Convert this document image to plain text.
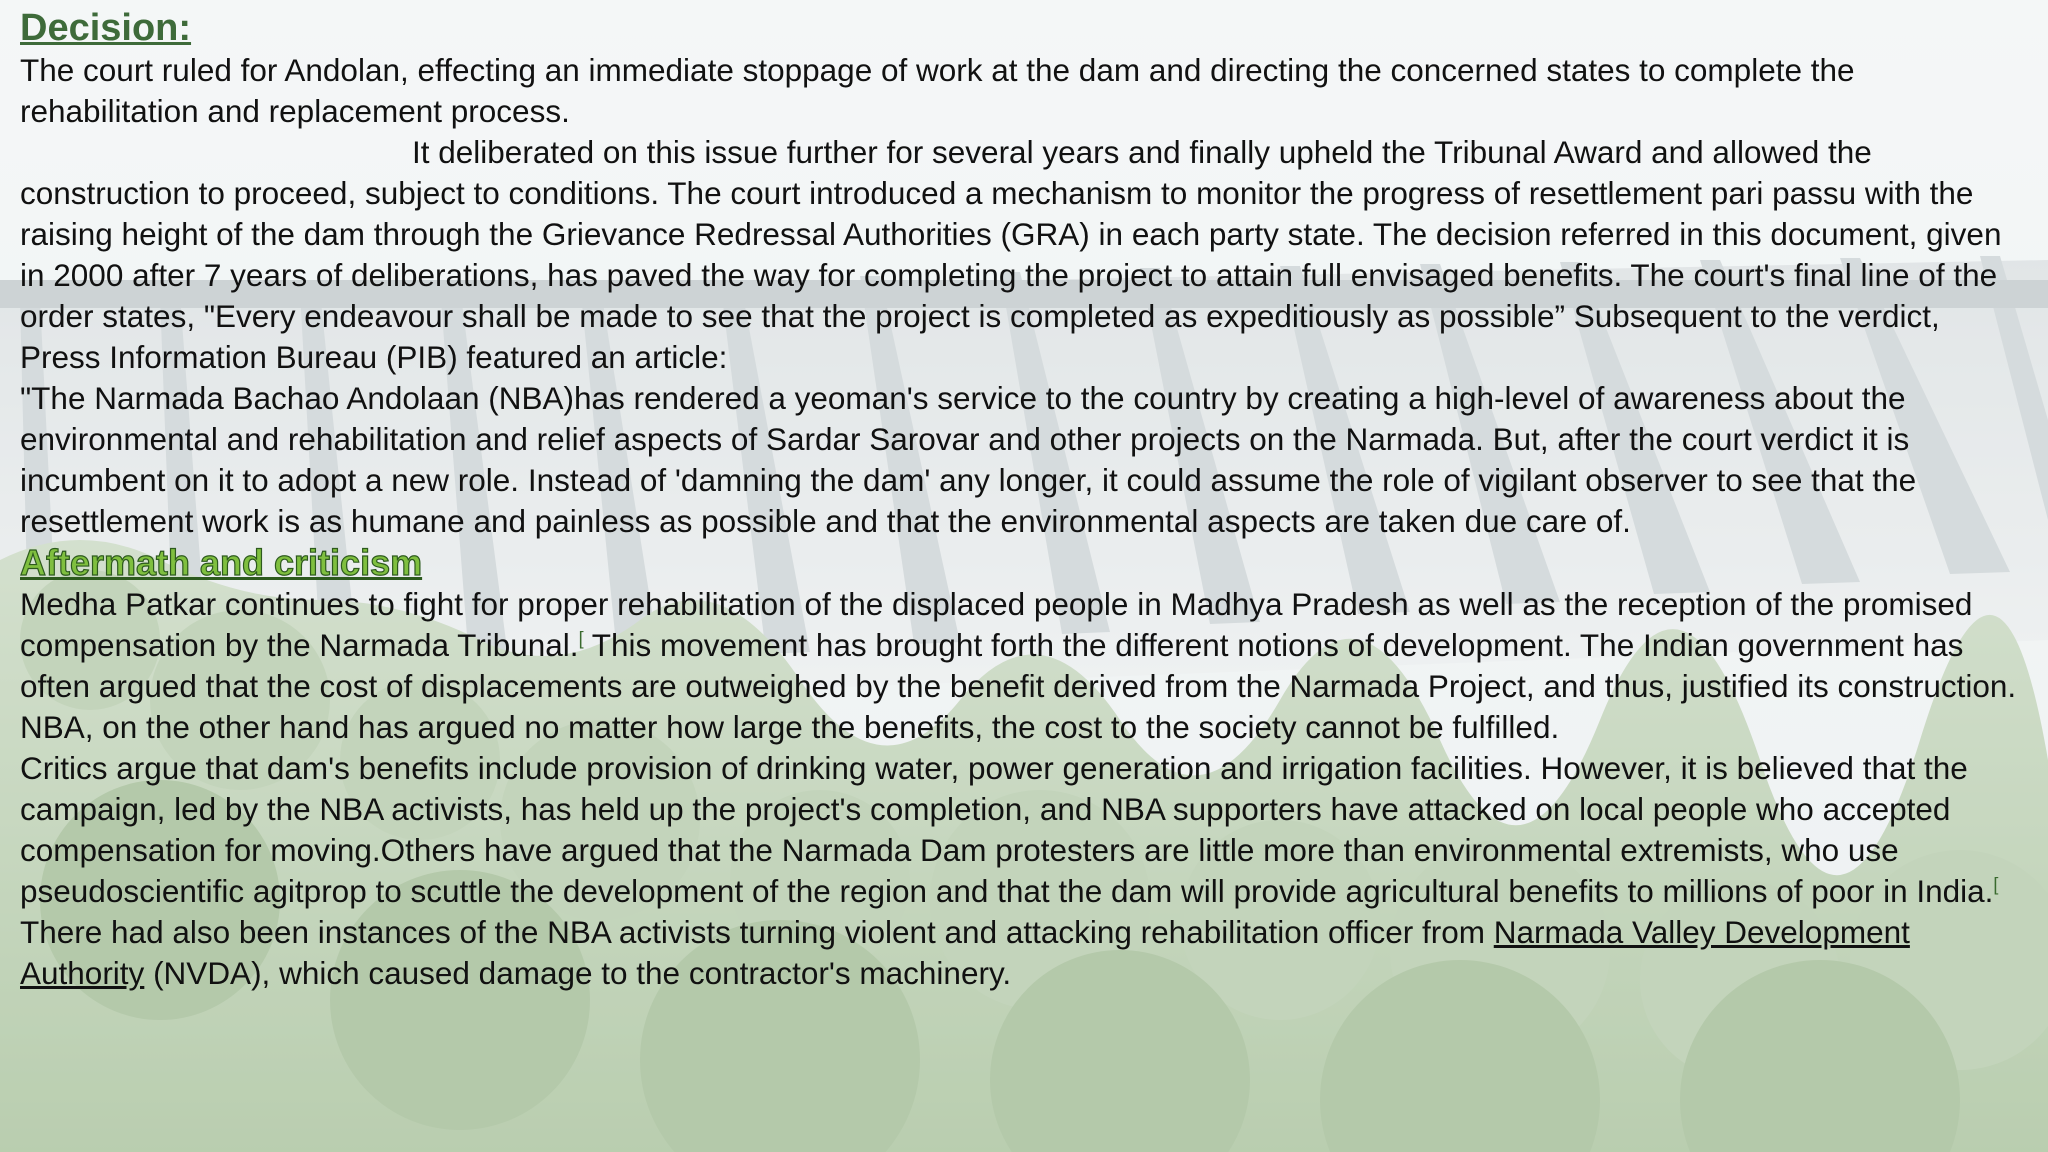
Decision:

The court ruled for Andolan, effecting an immediate stoppage of work at the dam and directing the concerned states to complete the rehabilitation and replacement process.

It deliberated on this issue further for several years and finally upheld the Tribunal Award and allowed the construction to proceed, subject to conditions. The court introduced a mechanism to monitor the progress of resettlement pari passu with the raising height of the dam through the Grievance Redressal Authorities (GRA) in each party state. The decision referred in this document, given in 2000 after 7 years of deliberations, has paved the way for completing the project to attain full envisaged benefits. The court's final line of the order states, "Every endeavour shall be made to see that the project is completed as expeditiously as possible” Subsequent to the verdict,

Press Information Bureau (PIB) featured an article:

"The Narmada Bachao Andolaan (NBA)has rendered a yeoman's service to the country by creating a high-level of awareness about the environmental and rehabilitation and relief aspects of Sardar Sarovar and other projects on the Narmada. But, after the court verdict it is incumbent on it to adopt a new role. Instead of 'damning the dam' any longer, it could assume the role of vigilant observer to see that the resettlement work is as humane and painless as possible and that the environmental aspects are taken due care of.

Aftermath and criticism

Medha Patkar continues to fight for proper rehabilitation of the displaced people in Madhya Pradesh as well as the reception of the promised compensation by the Narmada Tribunal.[ This movement has brought forth the different notions of development. The Indian government has often argued that the cost of displacements are outweighed by the benefit derived from the Narmada Project, and thus, justified its construction. NBA, on the other hand has argued no matter how large the benefits, the cost to the society cannot be fulfilled.

Critics argue that dam's benefits include provision of drinking water, power generation and irrigation facilities. However, it is believed that the campaign, led by the NBA activists, has held up the project's completion, and NBA supporters have attacked on local people who accepted compensation for moving.Others have argued that the Narmada Dam protesters are little more than environmental extremists, who use pseudoscientific agitprop to scuttle the development of the region and that the dam will provide agricultural benefits to millions of poor in India.[ There had also been instances of the NBA activists turning violent and attacking rehabilitation officer from Narmada Valley Development Authority (NVDA), which caused damage to the contractor's machinery.
